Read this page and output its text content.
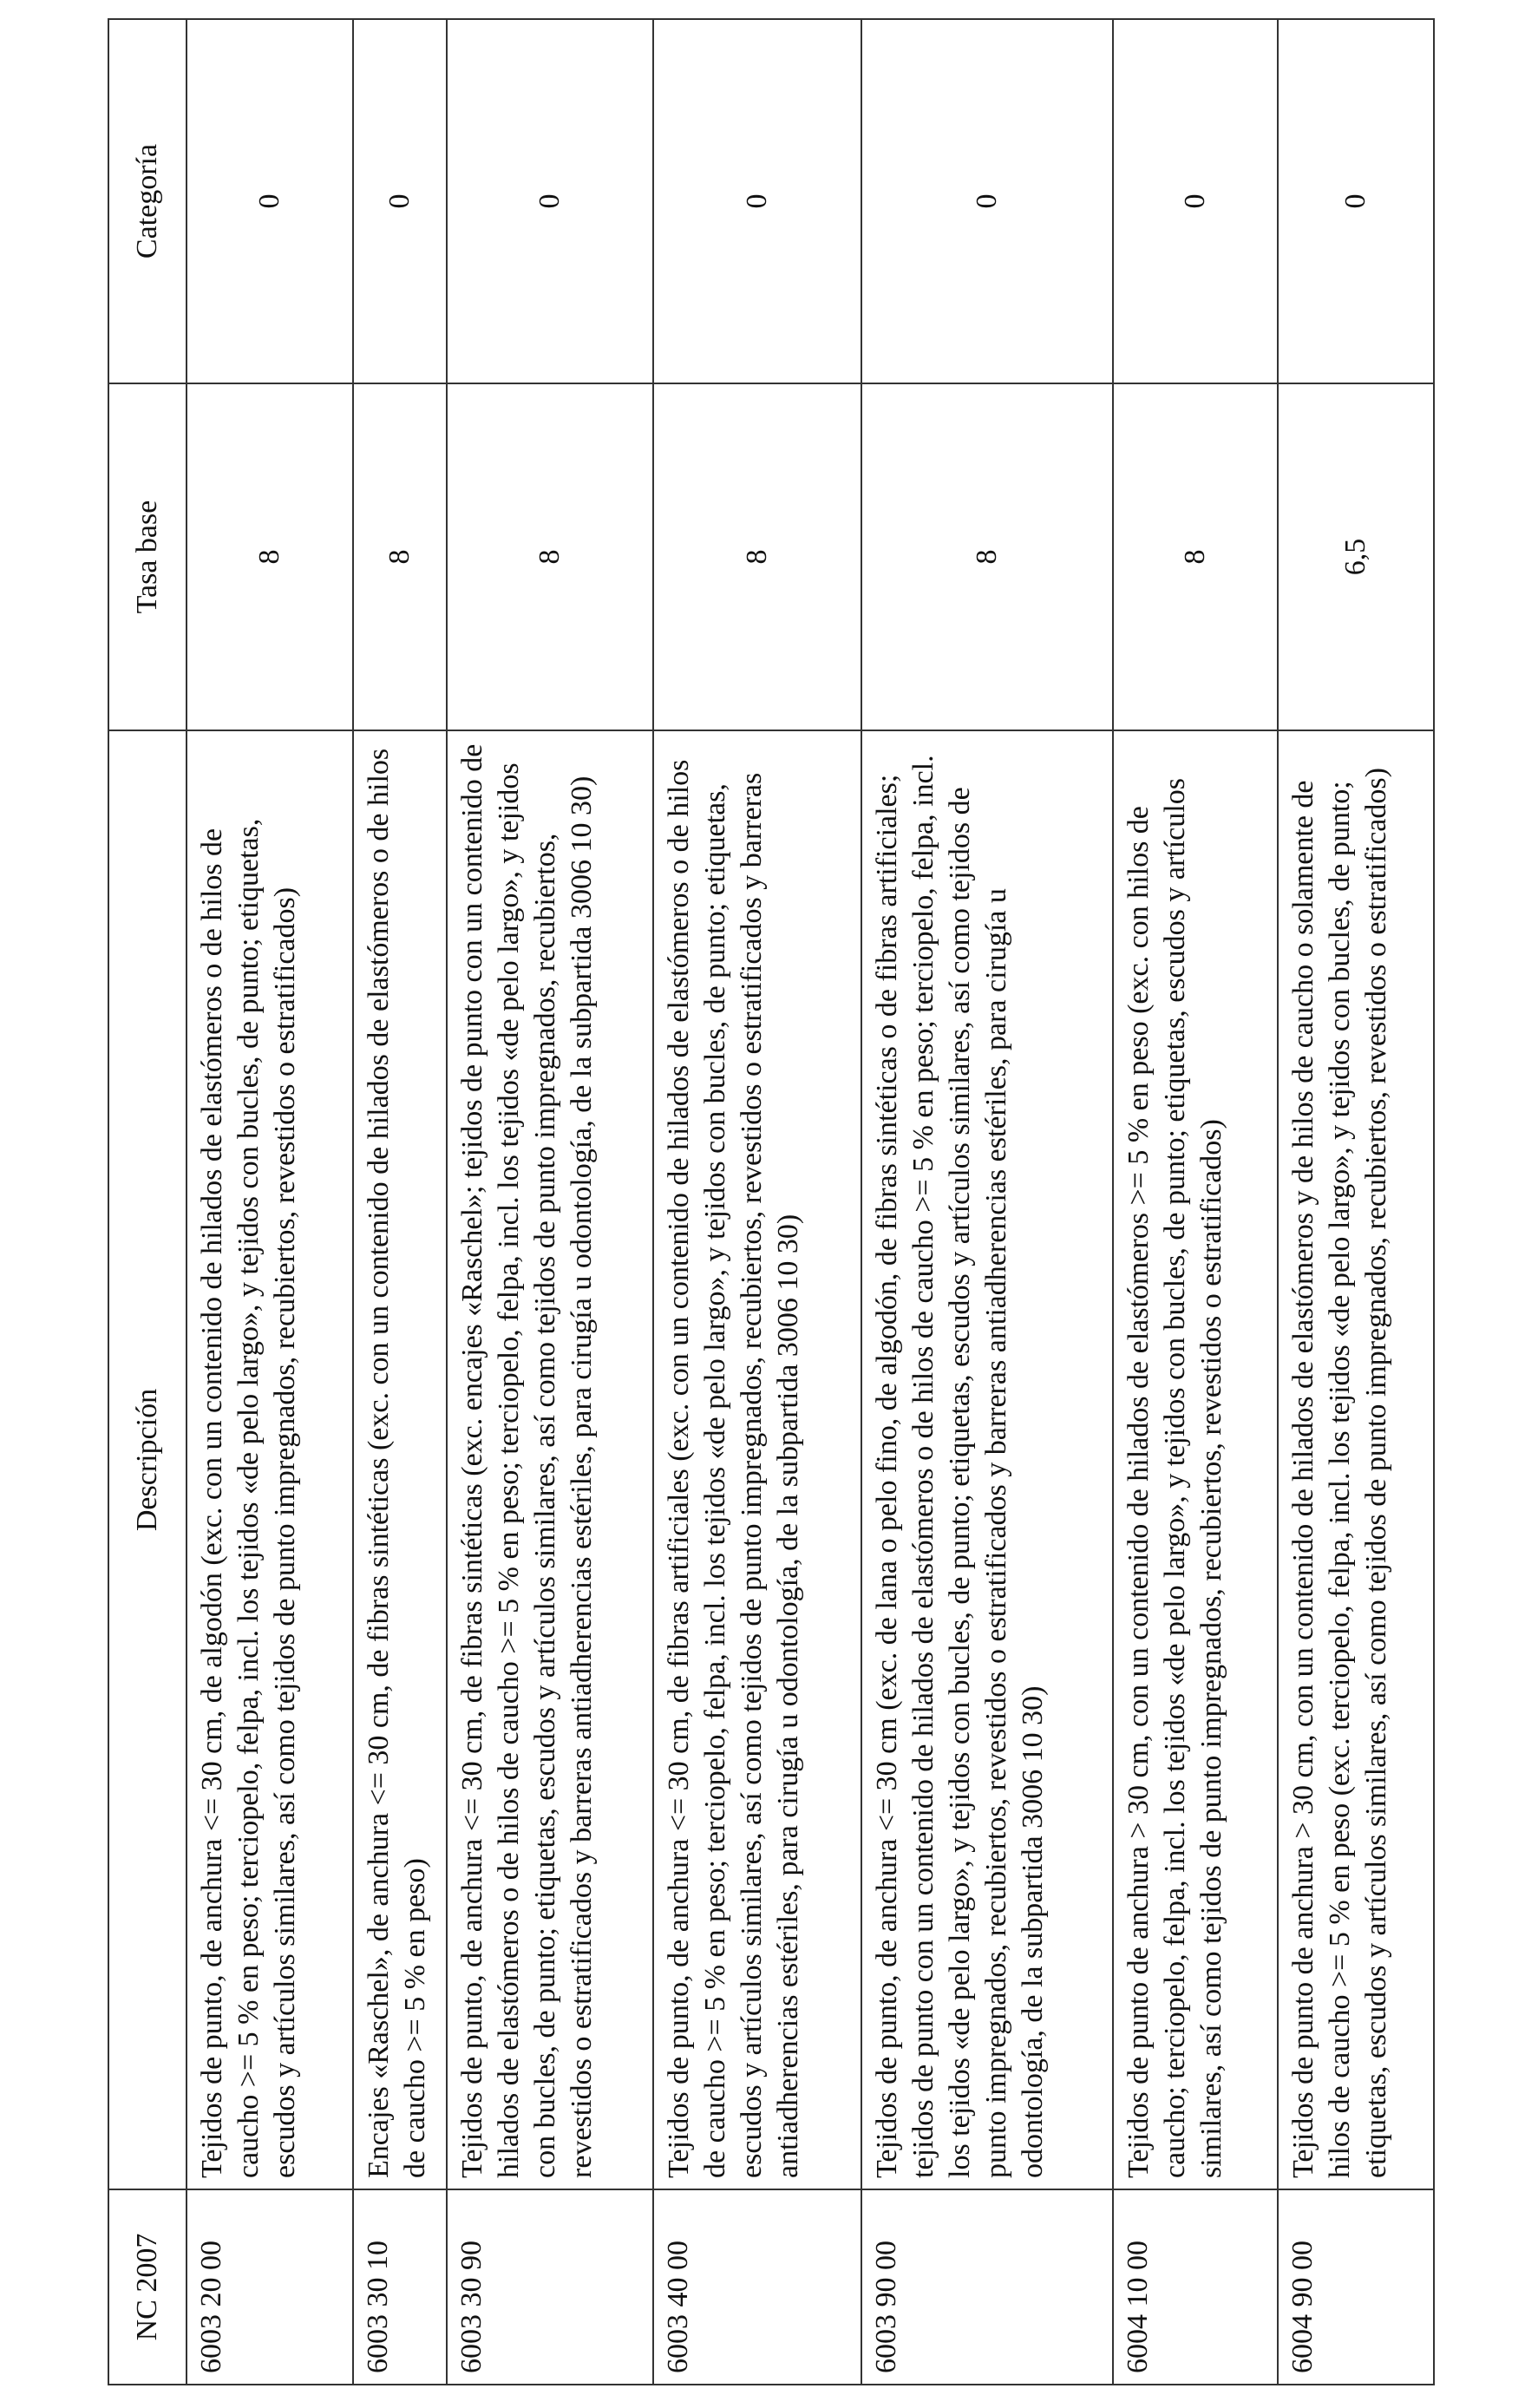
NC 2007	Descripción	Tasa base	Categoría
6003 20 00	Tejidos de punto, de anchura <= 30 cm, de algodón (exc. con un contenido de hilados de elastómeros o de hilos de caucho >= 5 % en peso; terciopelo, felpa, incl. los tejidos «de pelo largo», y tejidos con bucles, de punto; etiquetas, escudos y artículos similares, así como tejidos de punto impregnados, recubiertos, revestidos o estratificados)	8	0
6003 30 10	Encajes «Raschel», de anchura <= 30 cm, de fibras sintéticas (exc. con un contenido de hilados de elastómeros o de hilos de caucho >= 5 % en peso)	8	0
6003 30 90	Tejidos de punto, de anchura <= 30 cm, de fibras sintéticas (exc. encajes «Raschel»; tejidos de punto con un contenido de hilados de elastómeros o de hilos de caucho >= 5 % en peso; terciopelo, felpa, incl. los tejidos «de pelo largo», y tejidos con bucles, de punto; etiquetas, escudos y artículos similares, así como tejidos de punto impregnados, recubiertos, revestidos o estratificados y barreras antiadherencias estériles, para cirugía u odontología, de la subpartida 3006 10 30)	8	0
6003 40 00	Tejidos de punto, de anchura <= 30 cm, de fibras artificiales (exc. con un contenido de hilados de elastómeros o de hilos de caucho >= 5 % en peso; terciopelo, felpa, incl. los tejidos «de pelo largo», y tejidos con bucles, de punto; etiquetas, escudos y artículos similares, así como tejidos de punto impregnados, recubiertos, revestidos o estratificados y barreras antiadherencias estériles, para cirugía u odontología, de la subpartida 3006 10 30)	8	0
6003 90 00	Tejidos de punto, de anchura <= 30 cm (exc. de lana o pelo fino, de algodón, de fibras sintéticas o de fibras artificiales; tejidos de punto con un contenido de hilados de elastómeros o de hilos de caucho >= 5 % en peso; terciopelo, felpa, incl. los tejidos «de pelo largo», y tejidos con bucles, de punto; etiquetas, escudos y artículos similares, así como tejidos de punto impregnados, recubiertos, revestidos o estratificados y barreras antiadherencias estériles, para cirugía u odontología, de la subpartida 3006 10 30)	8	0
6004 10 00	Tejidos de punto de anchura > 30 cm, con un contenido de hilados de elastómeros >= 5 % en peso (exc. con hilos de caucho; terciopelo, felpa, incl. los tejidos «de pelo largo», y tejidos con bucles, de punto; etiquetas, escudos y artículos similares, así como tejidos de punto impregnados, recubiertos, revestidos o estratificados)	8	0
6004 90 00	Tejidos de punto de anchura > 30 cm, con un contenido de hilados de elastómeros y de hilos de caucho o solamente de hilos de caucho >= 5 % en peso (exc. terciopelo, felpa, incl. los tejidos «de pelo largo», y tejidos con bucles, de punto; etiquetas, escudos y artículos similares, así como tejidos de punto impregnados, recubiertos, revestidos o estratificados)	6,5	0
